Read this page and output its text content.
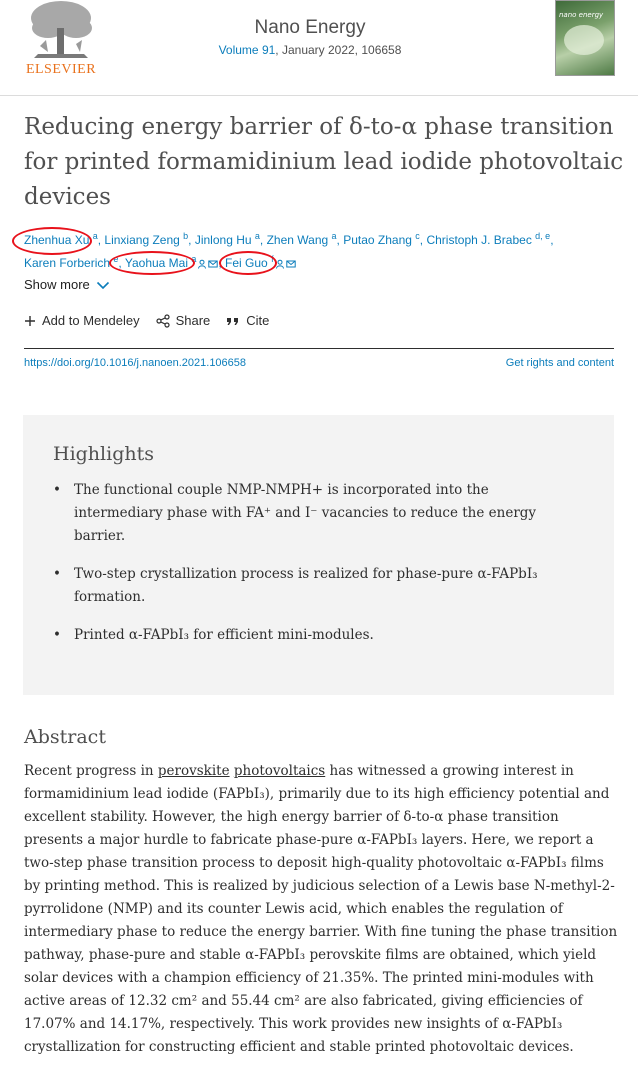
ELSEVIER
Nano Energy
Volume 91, January 2022, 106658
nano energy
Reducing energy barrier of δ-to-α phase transition for printed formamidinium lead iodide photovoltaic devices
Zhenhua Xu $^a$
, Linxiang Zeng $^b$, Jinlong Hu $^a$, Zhen Wang $^a$, Putao Zhang $^c$, Christoph J. Brabec $^{d, e}$, Karen Forberich $^e$, Yaohua Mai $^a$ , Fei Guo $^f$
Show more
Add to Mendeley	Share	Cite
https://doi.org/10.1016/j.nanoen.2021.106658	Get rights and content
Highlights
• The functional couple NMP-NMPH+ is incorporated into the intermediary phase with FA⁺ and I⁻ vacancies to reduce the energy barrier.
• Two-step crystallization process is realized for phase-pure α-FAPbI₃ formation.
• Printed α-FAPbI₃ for efficient mini-modules.
Abstract

Recent progress in perovskite photovoltaics has witnessed a growing interest in formamidinium lead iodide (FAPbI₃), primarily due to its high efficiency potential and excellent stability. However, the high energy barrier of δ-to-α phase transition presents a major hurdle to fabricate phase-pure α-FAPbI₃ layers. Here, we report a two-step phase transition process to deposit high-quality photovoltaic α-FAPbI₃ films by printing method. This is realized by judicious selection of a Lewis base N-methyl-2-pyrrolidone (NMP) and its counter Lewis acid, which enables the regulation of intermediary phase to reduce the energy barrier. With fine tuning the phase transition pathway, phase-pure and stable α-FAPbI₃ perovskite films are obtained, which yield solar devices with a champion efficiency of 21.35%. The printed mini-modules with active areas of 12.32 cm² and 55.44 cm² are also fabricated, giving efficiencies of 17.07% and 14.17%, respectively. This work provides new insights of α-FAPbI₃ crystallization for constructing efficient and stable printed photovoltaic devices.
